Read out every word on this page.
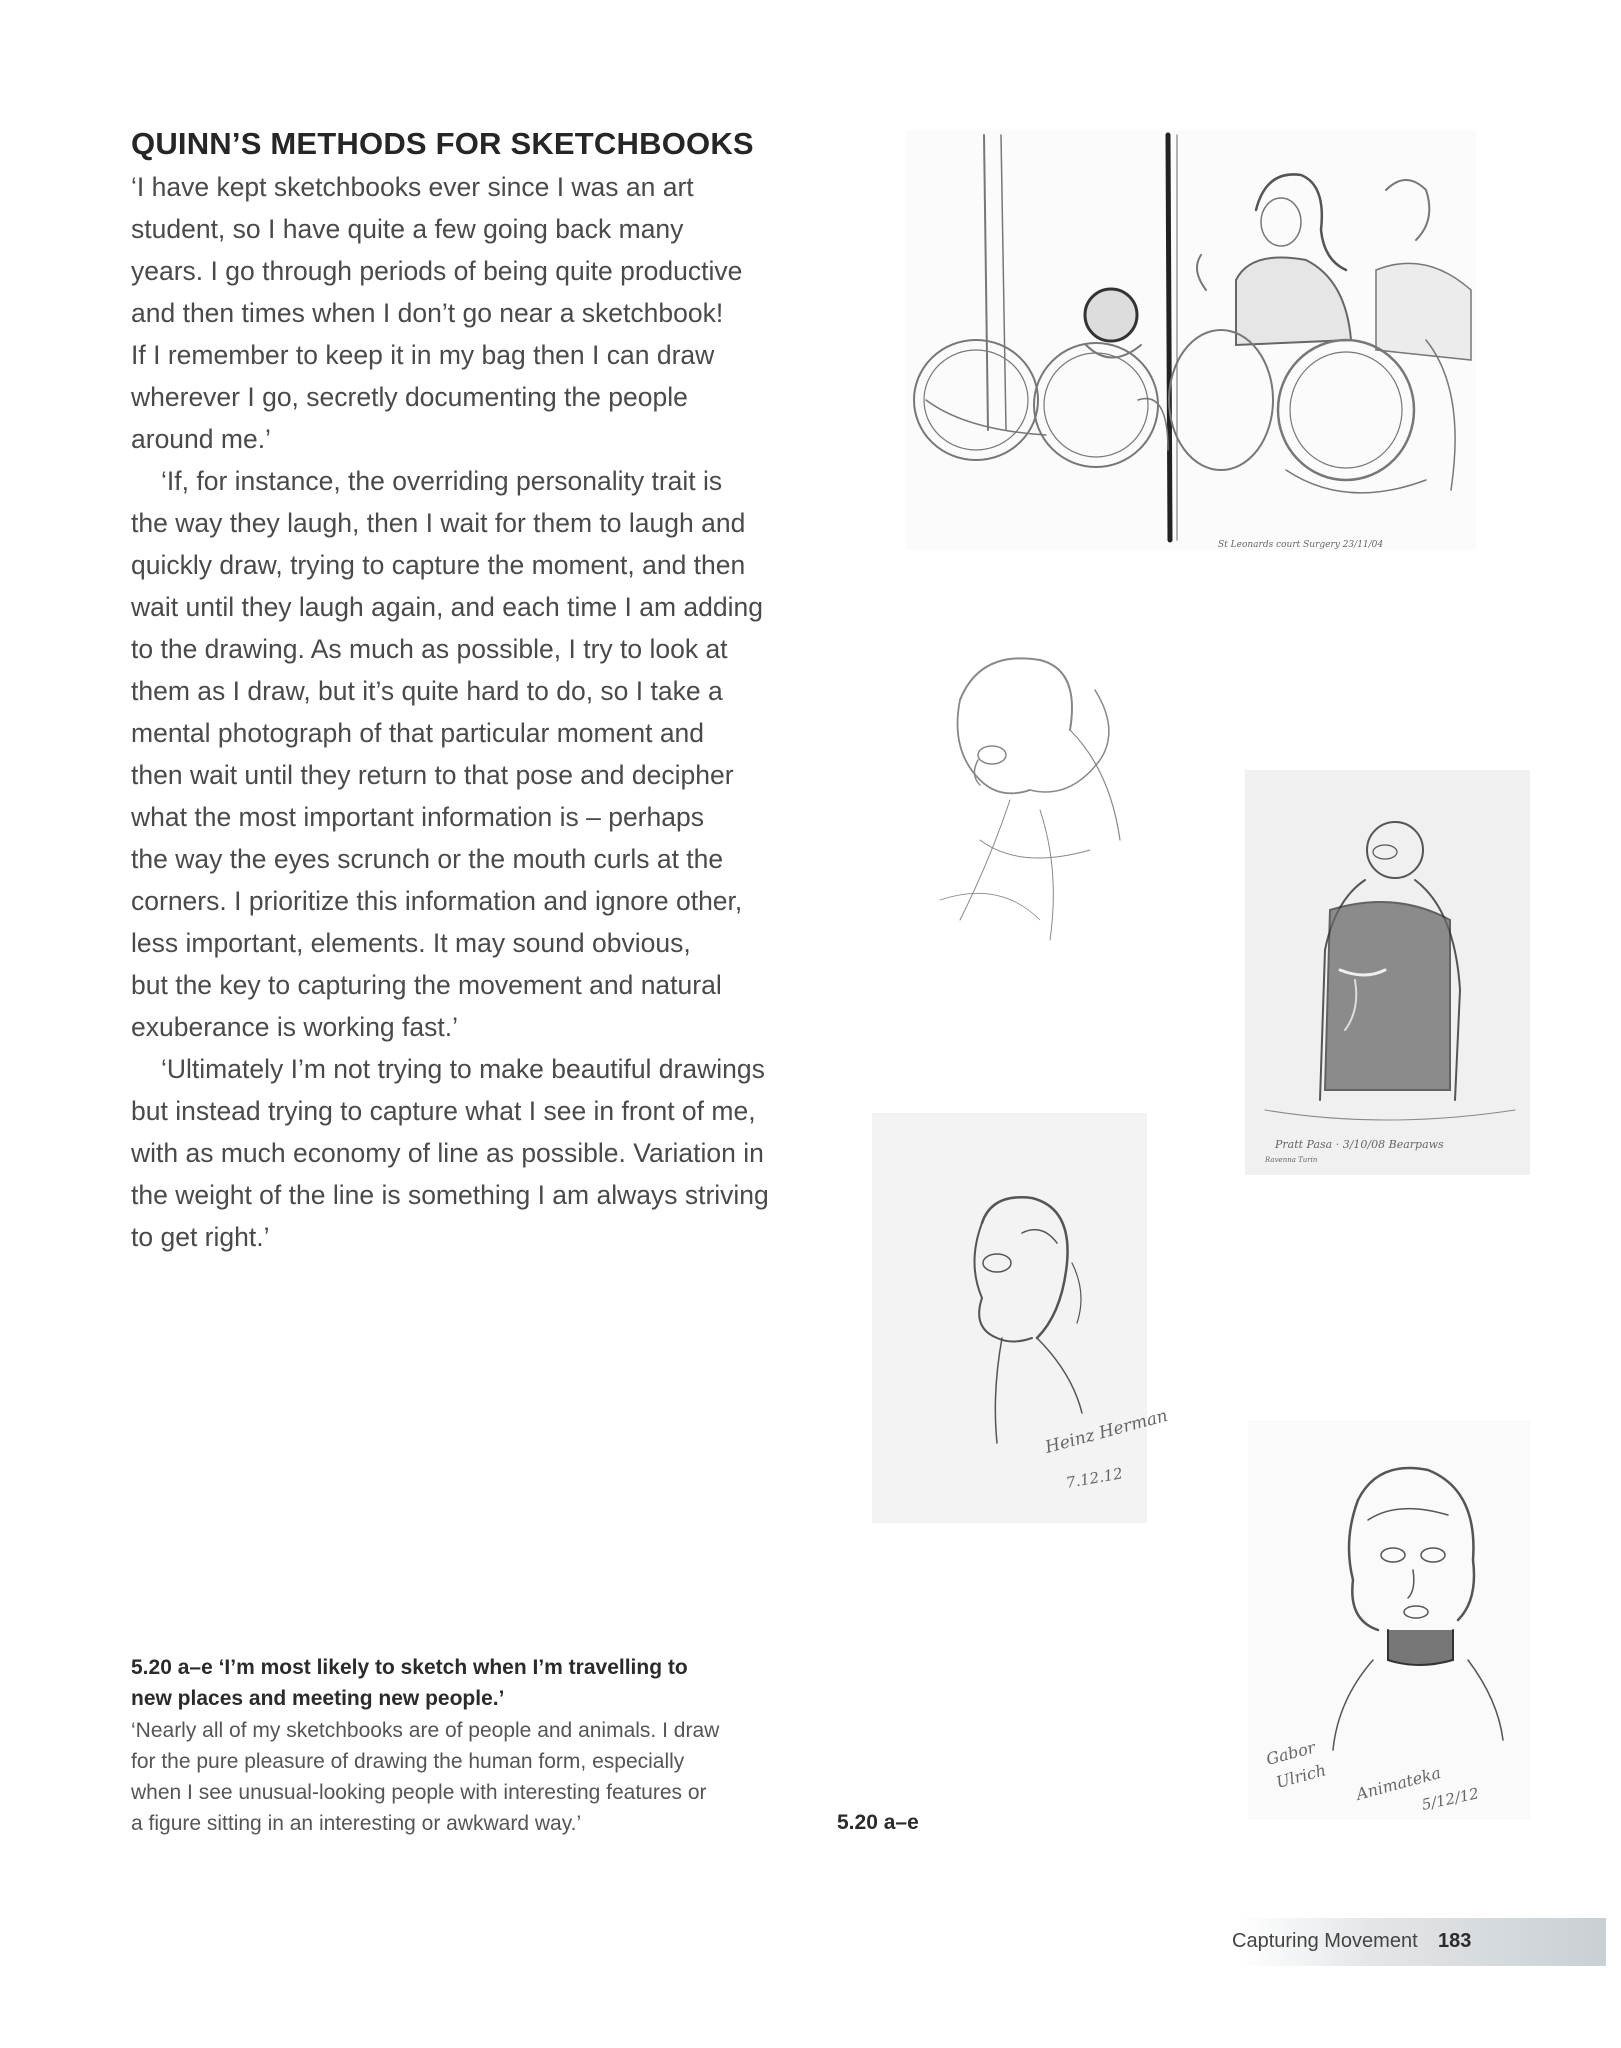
QUINN’S METHODS FOR SKETCHBOOKS
‘I have kept sketchbooks ever since I was an art
student, so I have quite a few going back many
years. I go through periods of being quite productive
and then times when I don’t go near a sketchbook!
If I remember to keep it in my bag then I can draw
wherever I go, secretly documenting the people
around me.’
‘If, for instance, the overriding personality trait is
the way they laugh, then I wait for them to laugh and
quickly draw, trying to capture the moment, and then
wait until they laugh again, and each time I am adding
to the drawing. As much as possible, I try to look at
them as I draw, but it’s quite hard to do, so I take a
mental photograph of that particular moment and
then wait until they return to that pose and decipher
what the most important information is – perhaps
the way the eyes scrunch or the mouth curls at the
corners. I prioritize this information and ignore other,
less important, elements. It may sound obvious,
but the key to capturing the movement and natural
exuberance is working fast.’
‘Ultimately I’m not trying to make beautiful drawings
but instead trying to capture what I see in front of me,
with as much economy of line as possible. Variation in
the weight of the line is something I am always striving
to get right.’
St Leonards court Surgery 23/11/04
Pratt Pasa · 3/10/08 Bearpaws
Ravenna Turin
Heinz Herman
7.12.12
Gabor
Ulrich Animateka
5/12/12
5.20 a–e ‘I’m most likely to sketch when I’m travelling to
new places and meeting new people.’
‘Nearly all of my sketchbooks are of people and animals. I draw
for the pure pleasure of drawing the human form, especially
when I see unusual-looking people with interesting features or
a figure sitting in an interesting or awkward way.’	5.20 a–e
Capturing Movement 183
